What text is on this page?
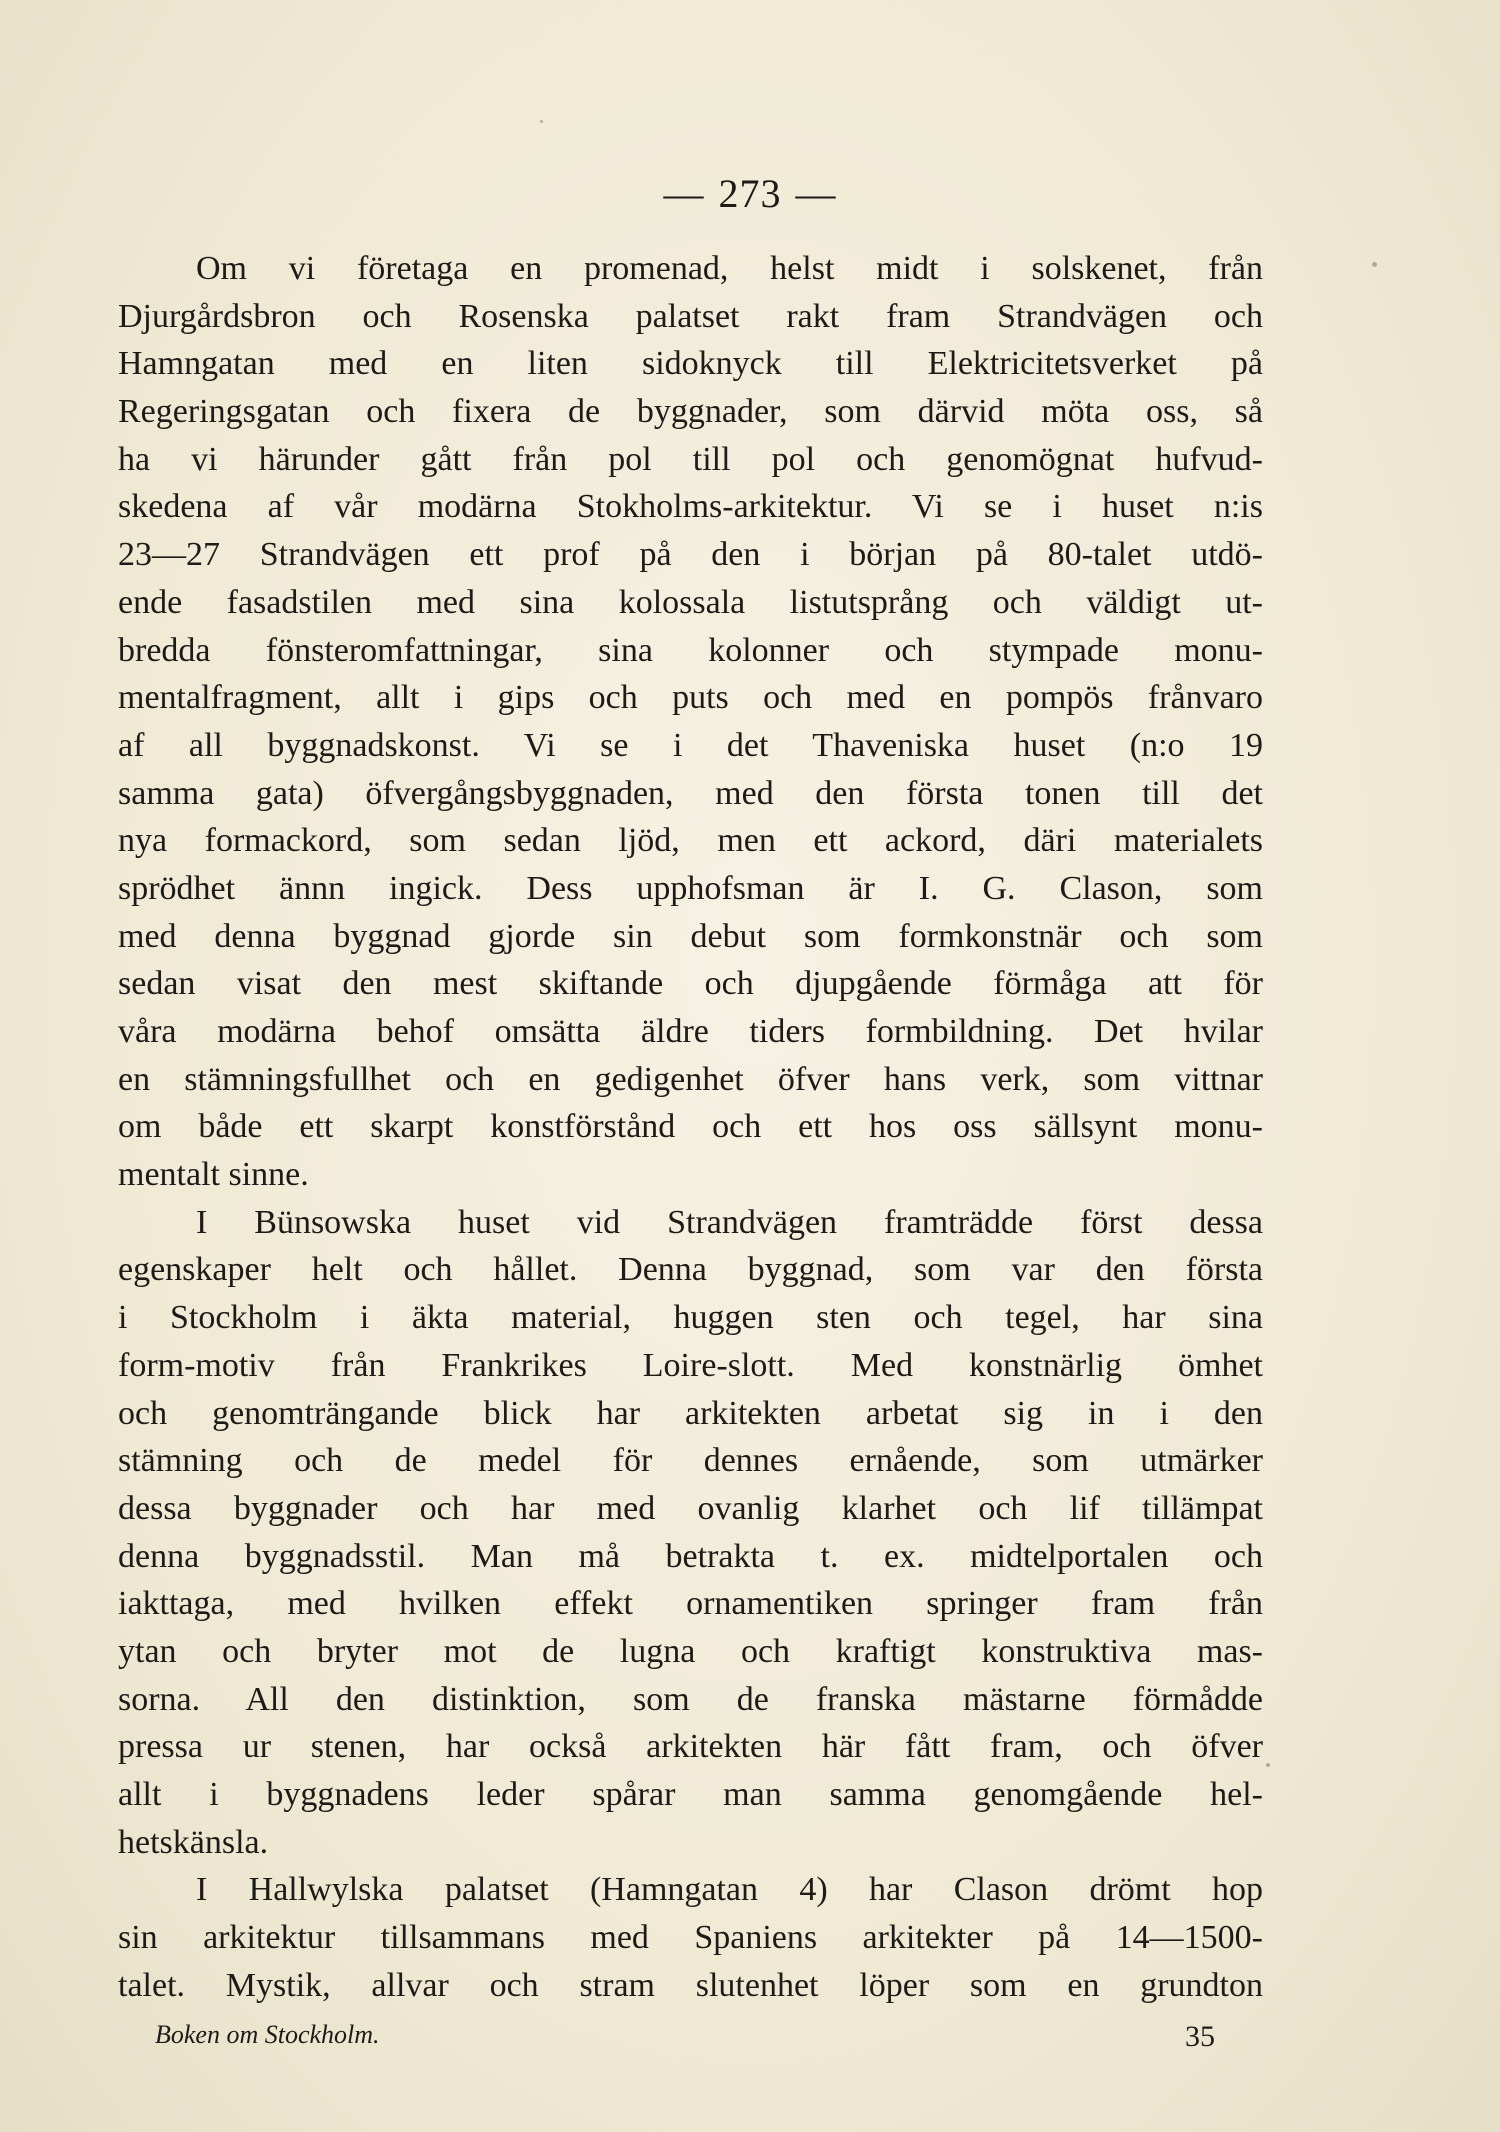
— 273 —
Om vi företaga en promenad, helst midt i solskenet, från
Djurgårdsbron och Rosenska palatset rakt fram Strandvägen och
Hamngatan med en liten sidoknyck till Elektricitetsverket på
Regeringsgatan och fixera de byggnader, som därvid möta oss, så
ha vi härunder gått från pol till pol och genomögnat hufvud-
skedena af vår modärna Stokholms-arkitektur. Vi se i huset n:is
23—27 Strandvägen ett prof på den i början på 80-talet utdö-
ende fasadstilen med sina kolossala listutsprång och väldigt ut-
bredda fönsteromfattningar, sina kolonner och stympade monu-
mentalfragment, allt i gips och puts och med en pompös frånvaro
af all byggnadskonst. Vi se i det Thaveniska huset (n:o 19
samma gata) öfvergångsbyggnaden, med den första tonen till det
nya formackord, som sedan ljöd, men ett ackord, däri materialets
sprödhet ännn ingick. Dess upphofsman är I. G. Clason, som
med denna byggnad gjorde sin debut som formkonstnär och som
sedan visat den mest skiftande och djupgående förmåga att för
våra modärna behof omsätta äldre tiders formbildning. Det hvilar
en stämningsfullhet och en gedigenhet öfver hans verk, som vittnar
om både ett skarpt konstförstånd och ett hos oss sällsynt monu-
mentalt sinne.
I Bünsowska huset vid Strandvägen framträdde först dessa
egenskaper helt och hållet. Denna byggnad, som var den första
i Stockholm i äkta material, huggen sten och tegel, har sina
form-motiv från Frankrikes Loire-slott. Med konstnärlig ömhet
och genomträngande blick har arkitekten arbetat sig in i den
stämning och de medel för dennes ernående, som utmärker
dessa byggnader och har med ovanlig klarhet och lif tillämpat
denna byggnadsstil. Man må betrakta t. ex. midtelportalen och
iakttaga, med hvilken effekt ornamentiken springer fram från
ytan och bryter mot de lugna och kraftigt konstruktiva mas-
sorna. All den distinktion, som de franska mästarne förmådde
pressa ur stenen, har också arkitekten här fått fram, och öfver
allt i byggnadens leder spårar man samma genomgående hel-
hetskänsla.
I Hallwylska palatset (Hamngatan 4) har Clason drömt hop
sin arkitektur tillsammans med Spaniens arkitekter på 14—1500-
talet. Mystik, allvar och stram slutenhet löper som en grundton
Boken om Stockholm.	35
